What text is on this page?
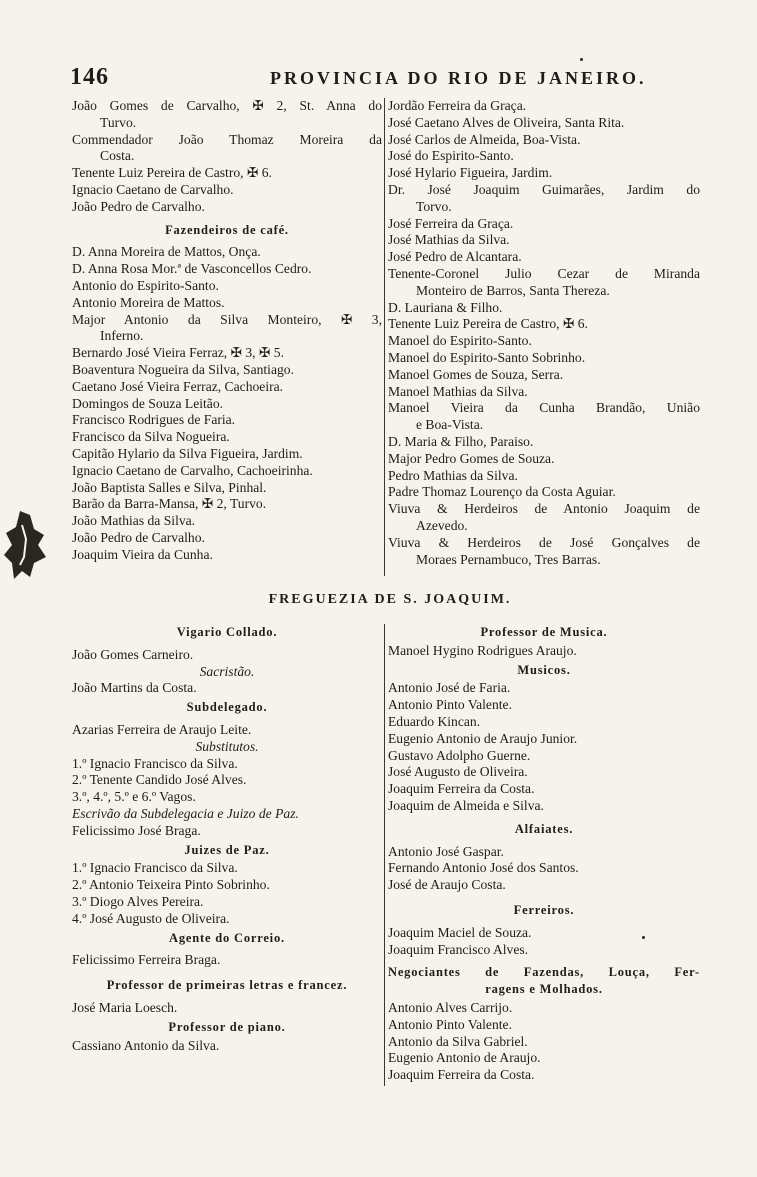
146	PROVINCIA DO RIO DE JANEIRO.

João Gomes de Carvalho, ✠ 2, St. Anna do

Turvo.

Commendador João Thomaz Moreira da

Costa.

Tenente Luiz Pereira de Castro, ✠ 6.

Ignacio Caetano de Carvalho.

João Pedro de Carvalho.

Fazendeiros de café.

D. Anna Moreira de Mattos, Onça.

D. Anna Rosa Mor.ª de Vasconcellos Cedro.

Antonio do Espirito-Santo.

Antonio Moreira de Mattos.

Major Antonio da Silva Monteiro, ✠ 3,

Inferno.

Bernardo José Vieira Ferraz, ✠ 3, ✠ 5.

Boaventura Nogueira da Silva, Santiago.

Caetano José Vieira Ferraz, Cachoeira.

Domingos de Souza Leitão.

Francisco Rodrigues de Faria.

Francisco da Silva Nogueira.

Capitão Hylario da Silva Figueira, Jardim.

Ignacio Caetano de Carvalho, Cachoeirinha.

João Baptista Salles e Silva, Pinhal.

Barão da Barra-Mansa, ✠ 2, Turvo.

João Mathias da Silva.

João Pedro de Carvalho.

Joaquim Vieira da Cunha.

Jordão Ferreira da Graça.

José Caetano Alves de Oliveira, Santa Rita.

José Carlos de Almeida, Boa-Vista.

José do Espirito-Santo.

José Hylario Figueira, Jardim.

Dr. José Joaquim Guimarães, Jardim do

Torvo.

José Ferreira da Graça.

José Mathias da Silva.

José Pedro de Alcantara.

Tenente-Coronel Julio Cezar de Miranda

Monteiro de Barros, Santa Thereza.

D. Lauriana & Filho.

Tenente Luiz Pereira de Castro, ✠ 6.

Manoel do Espirito-Santo.

Manoel do Espirito-Santo Sobrinho.

Manoel Gomes de Souza, Serra.

Manoel Mathias da Silva.

Manoel Vieira da Cunha Brandão, União

e Boa-Vista.

D. Maria & Filho, Paraiso.

Major Pedro Gomes de Souza.

Pedro Mathias da Silva.

Padre Thomaz Lourenço da Costa Aguiar.

Viuva & Herdeiros de Antonio Joaquim de

Azevedo.

Viuva & Herdeiros de José Gonçalves de

Moraes Pernambuco, Tres Barras.

FREGUEZIA DE S. JOAQUIM.
Vigario Collado.

João Gomes Carneiro.

Sacristão.

João Martins da Costa.

Subdelegado.

Azarias Ferreira de Araujo Leite.

Substitutos.

1.º Ignacio Francisco da Silva.

2.º Tenente Candido José Alves.

3.º, 4.º, 5.º e 6.º Vagos.

Escrivão da Subdelegacia e Juizo de Paz.

Felicissimo José Braga.

Juizes de Paz.

1.º Ignacio Francisco da Silva.

2.º Antonio Teixeira Pinto Sobrinho.

3.º Diogo Alves Pereira.

4.º José Augusto de Oliveira.

Agente do Correio.

Felicissimo Ferreira Braga.

Professor de primeiras letras e francez.

José Maria Loesch.

Professor de piano.

Cassiano Antonio da Silva.

Professor de Musica.

Manoel Hygino Rodrigues Araujo.

Musicos.

Antonio José de Faria.

Antonio Pinto Valente.

Eduardo Kincan.

Eugenio Antonio de Araujo Junior.

Gustavo Adolpho Guerne.

José Augusto de Oliveira.

Joaquim Ferreira da Costa.

Joaquim de Almeida e Silva.

Alfaiates.

Antonio José Gaspar.

Fernando Antonio José dos Santos.

José de Araujo Costa.

Ferreiros.

Joaquim Maciel de Souza.

Joaquim Francisco Alves.

Negociantes de Fazendas, Louça, Fer-
ragens e Molhados.

Antonio Alves Carrijo.

Antonio Pinto Valente.

Antonio da Silva Gabriel.

Eugenio Antonio de Araujo.

Joaquim Ferreira da Costa.
